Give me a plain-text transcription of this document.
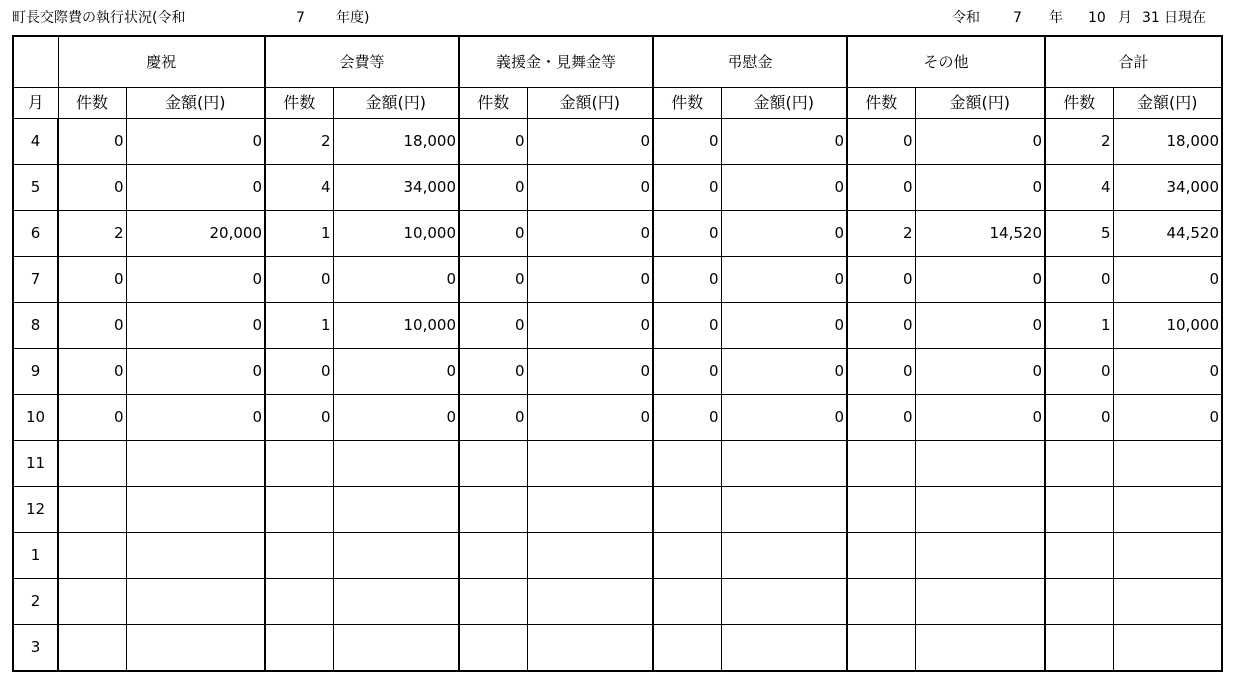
町長交際費の執行状況(令和	7 年度)	令和 7 年 10 月 31 日現在
	慶祝		会費等		義援金・見舞金等		弔慰金		その他		合計	
月	件数	金額(円)	件数	金額(円)	件数	金額(円)	件数	金額(円)	件数	金額(円)	件数	金額(円)
4	0	0	2	18,000	0	0	0	0	0	0	2	18,000
5	0	0	4	34,000	0	0	0	0	0	0	4	34,000
6	2	20,000	1	10,000	0	0	0	0	2	14,520	5	44,520
7	0	0	0	0	0	0	0	0	0	0	0	0
8	0	0	1	10,000	0	0	0	0	0	0	1	10,000
9	0	0	0	0	0	0	0	0	0	0	0	0
10	0	0	0	0	0	0	0	0	0	0	0	0
11												
12												
1												
2												
3												
